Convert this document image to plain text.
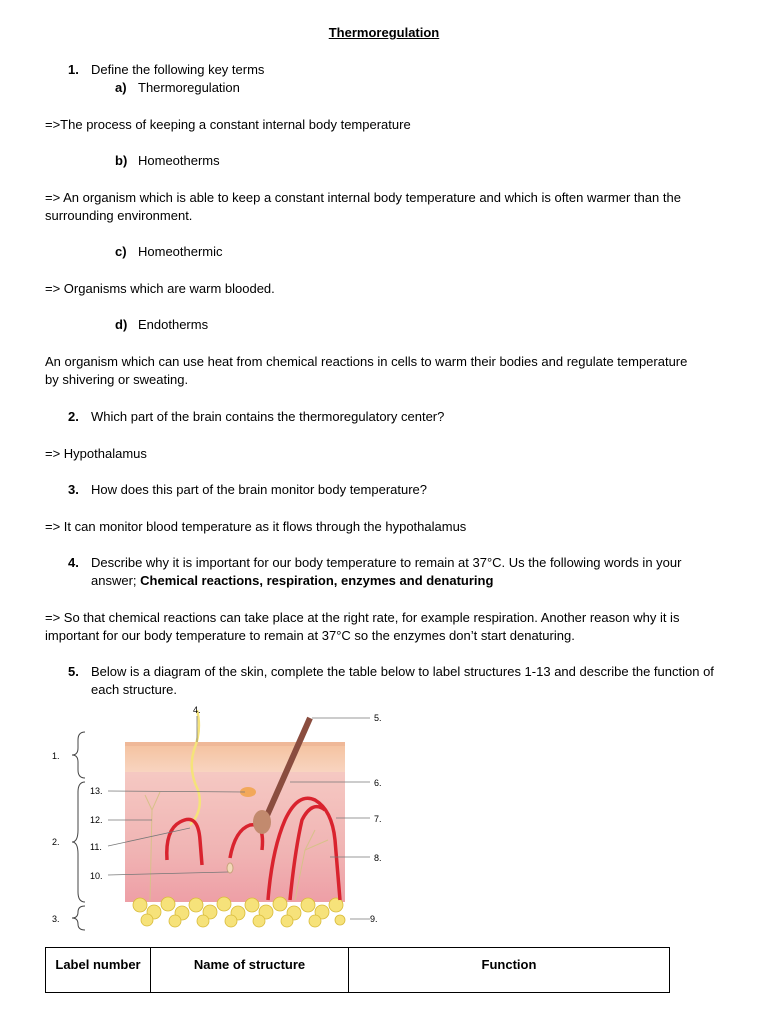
Thermoregulation
1. Define the following key terms
a) Thermoregulation
=>The process of keeping a constant internal body temperature
b) Homeotherms
=> An organism which is able to keep a constant internal body temperature and which is often warmer than the surrounding environment.
c) Homeothermic
=> Organisms which are warm blooded.
d) Endotherms
An organism which can use heat from chemical reactions in cells to warm their bodies and regulate temperature by shivering or sweating.
2. Which part of the brain contains the thermoregulatory center?
=> Hypothalamus
3. How does this part of the brain monitor body temperature?
=> It can monitor blood temperature as it flows through the hypothalamus
4. Describe why it is important for our body temperature to remain at 37°C. Us the following words in your answer; Chemical reactions, respiration, enzymes and denaturing
=> So that chemical reactions can take place at the right rate, for example respiration. Another reason why it is important for our body temperature to remain at 37°C so the enzymes don’t start denaturing.
5. Below is a diagram of the skin, complete the table below to label structures 1-13 and describe the function of each structure.
1.
2.
3.
4.
5.
6.
7.
8.
9.
10.
11.
12.
13.
Label number	Name of structure	Function
